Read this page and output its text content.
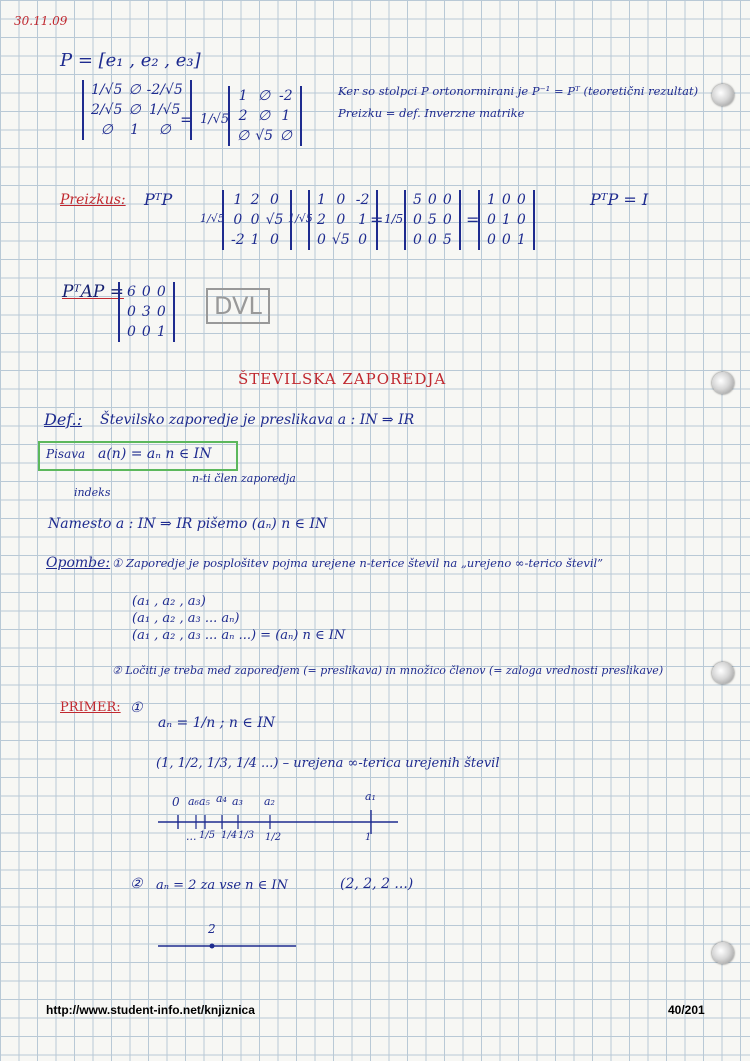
30.11.09
P = [e₁ , e₂ , e₃]
1/√5	∅	-2/√5
2/√5	∅	1/√5
∅	1	∅
= 1/√5
1	∅	-2
2	∅	1
∅	√5	∅
Ker so stolpci P ortonormirani je P⁻¹ = Pᵀ (teoretični rezultat)
Preizku = def. Inverzne matrike
Preizkus: PᵀP
1/√5
1	2	0
0	0	√5
-2	1	0
1/√5
1	0	-2
2	0	1
0	√5	0
= 1/5
5	0	0
0	5	0
0	0	5
=
1	0	0
0	1	0
0	0	1
PᵀP = I
PᵀAP = 6	0	0
0	3	0
0	0	1
DVL
ŠTEVILSKA ZAPOREDJA
Def.: Številsko zaporedje je preslikava a : IN ⇒ IR
Pisava a(n) = aₙ n ∈ IN
n-ti člen zaporedja
indeks
Namesto a : IN ⇒ IR pišemo (aₙ) n ∈ IN
Opombe: ① Zaporedje je posplošitev pojma urejene n-terice števil na „urejeno ∞-terico števil”
(a₁ , a₂ , a₃)
(a₁ , a₂ , a₃ ... aₙ)
(a₁ , a₂ , a₃ ... aₙ ...) = (aₙ) n ∈ IN
② Ločiti je treba med zaporedjem (= preslikava) in množico členov (= zaloga vrednosti preslikave)
PRIMER: ①
aₙ = 1/n ; n ∈ IN
(1, 1/2, 1/3, 1/4 ...) – urejena ∞-terica urejenih števil
0 a₆a₅ a₄ a₃ a₂	a₁
... 1/5 1/4 1/3 1/2	1
② aₙ = 2 za vse n ∈ IN	(2, 2, 2 ...)
2
http://www.student-info.net/knjiznica	40/201
